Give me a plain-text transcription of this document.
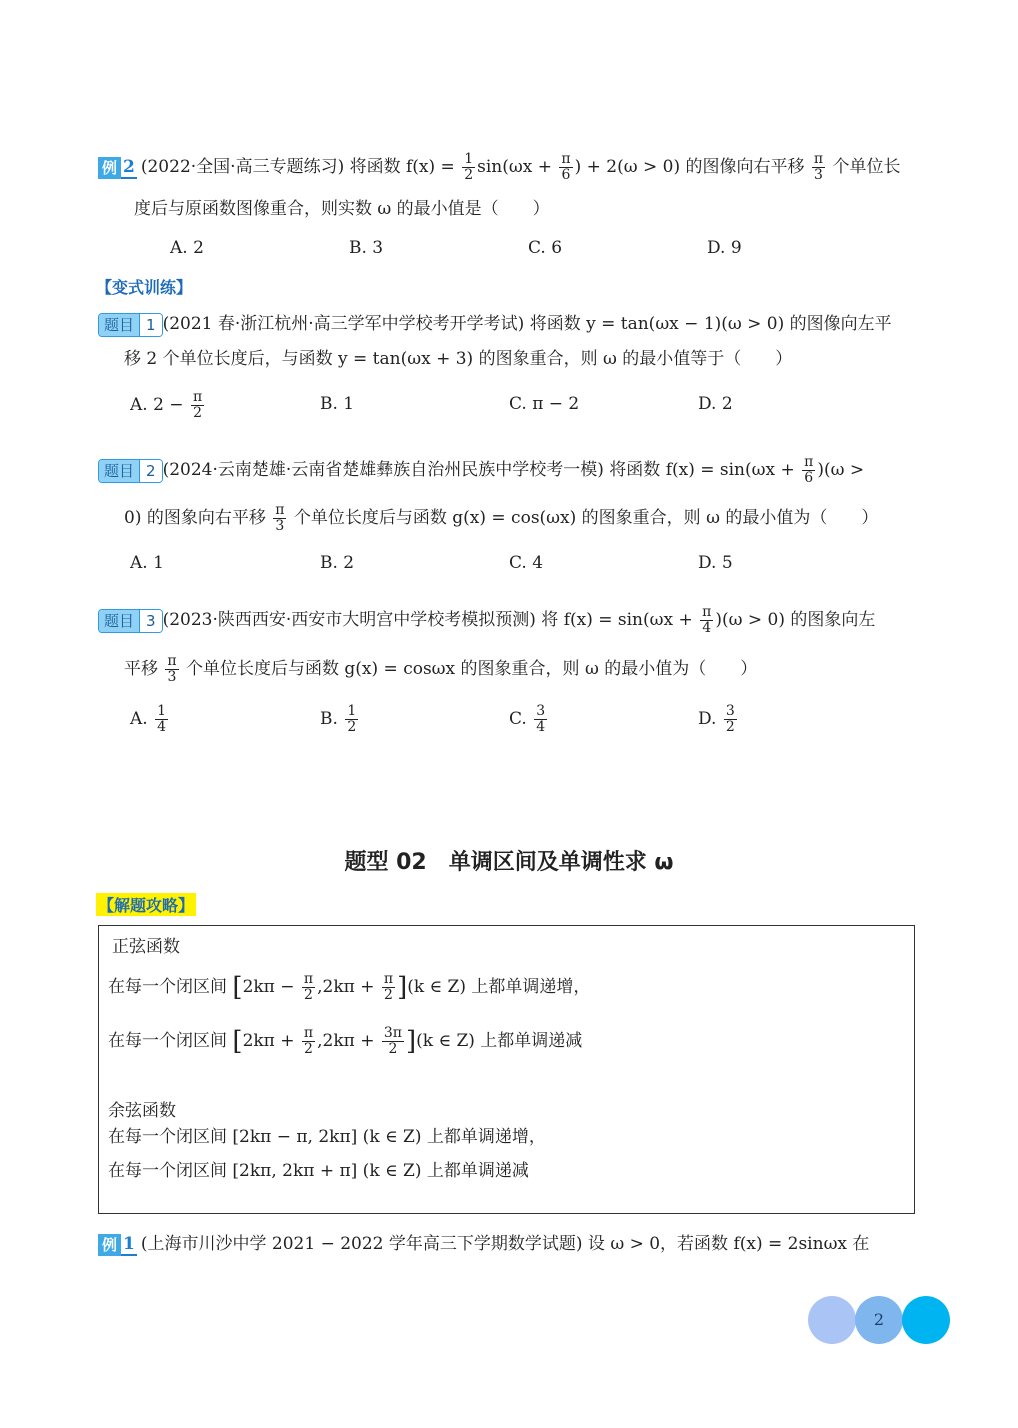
例 2 (2022·全国·高三专题练习) 将函数 $f(x) = \frac{1}{2} \sin(\omega x + \frac{\pi}{6}$ ) + 2(ω > 0) 的图像向右平移 $\frac{\pi}{3}$ 个单位长
度后与原函数图像重合，则实数 ω 的最小值是（　　）
A. 2	B. 3	C. 6	D. 9
【变式训练】
题目 1 (2021 春·浙江杭州·高三学军中学校考开学考试) 将函数 y = tan(ωx − 1)(ω > 0) 的图像向左平
移 2 个单位长度后，与函数 y = tan(ωx + 3) 的图象重合，则 ω 的最小值等于（　　）
A. $2 - \frac{\pi}{2}$	B. 1	C. π − 2	D. 2
题目 2 (2024·云南楚雄·云南省楚雄彝族自治州民族中学校考一模) 将函数 $f(x) = \sin(\omega x + \frac{\pi}{6} )(\omega$ >
0) 的图象向右平移 $\frac{\pi}{3}$ 个单位长度后与函数 g(x) = cos(ωx) 的图象重合，则 ω 的最小值为（　　）
A. 1	B. 2	C. 4	D. 5
题目 3 (2023·陕西西安·西安市大明宫中学校考模拟预测) 将 $f(x) = \sin(\omega x + \frac{\pi}{4} )(\omega > 0)$ 的图象向左
平移 $\frac{\pi}{3}$ 个单位长度后与函数 g(x) = cosωx 的图象重合，则 ω 的最小值为（　　）
A. $\frac{1}{4}$	B. $\frac{1}{2}$	C. $\frac{3}{4}$	D. $\frac{3}{2}$
题型 02　单调区间及单调性求 ω
【解题攻略】
正弦函数
在每一个闭区间 $[2k\pi - \frac{\pi}{2} ,2k\pi + \frac{\pi}{2} ](k$ ∈ Z) 上都单调递增，
在每一个闭区间 $[2k\pi + \frac{\pi}{2} ,2k\pi + \frac{3\pi}{2} ](k$ ∈ Z) 上都单调递减
余弦函数
在每一个闭区间 [2kπ − π, 2kπ] (k ∈ Z) 上都单调递增，
在每一个闭区间 [2kπ, 2kπ + π] (k ∈ Z) 上都单调递减
例 1 (上海市川沙中学 2021 − 2022 学年高三下学期数学试题) 设 ω > 0，若函数 f(x) = 2sinωx 在
2
